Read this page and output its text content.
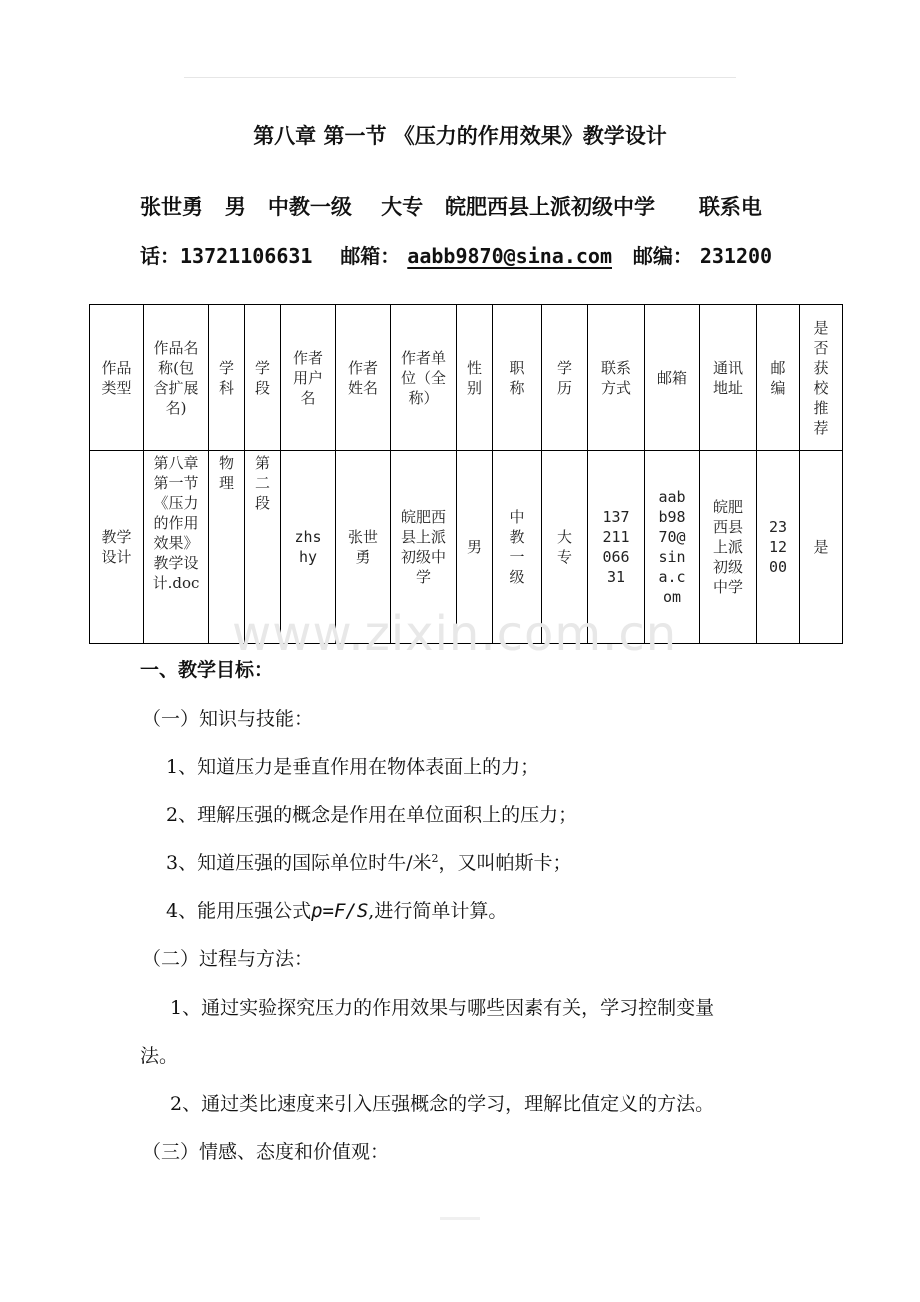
第八章 第一节 《压力的作用效果》教学设计
张世勇   男   中教一级    大专   皖肥西县上派初级中学      联系电
话：13721106631 邮箱： aabb9870@sina.com 邮编： 231200
作品类型	作品名称(包含扩展名)	学科	学段	作者用户名	作者姓名	作者单位（全称）	性别	职称	学历	联系方式	邮箱	通讯地址	邮编	是否获校推荐
教学设计	第八章第一节《压力的作用效果》教学设计.doc	物理	第二段	zhshy	张世勇	皖肥西县上派初级中学	男	中教一级	大专	13721106631	aabb9870@sina.com	皖肥西县上派初级中学	231200	是
www.zixin.com.cn
一、教学目标：
（一）知识与技能：
1、知道压力是垂直作用在物体表面上的力；
2、理解压强的概念是作用在单位面积上的压力；
3、知道压强的国际单位时牛/米$^2$，又叫帕斯卡；
4、能用压强公式p=F/S,进行简单计算。
（二）过程与方法：
1、通过实验探究压力的作用效果与哪些因素有关，学习控制变量
法。
2、通过类比速度来引入压强概念的学习，理解比值定义的方法。
（三）情感、态度和价值观：
